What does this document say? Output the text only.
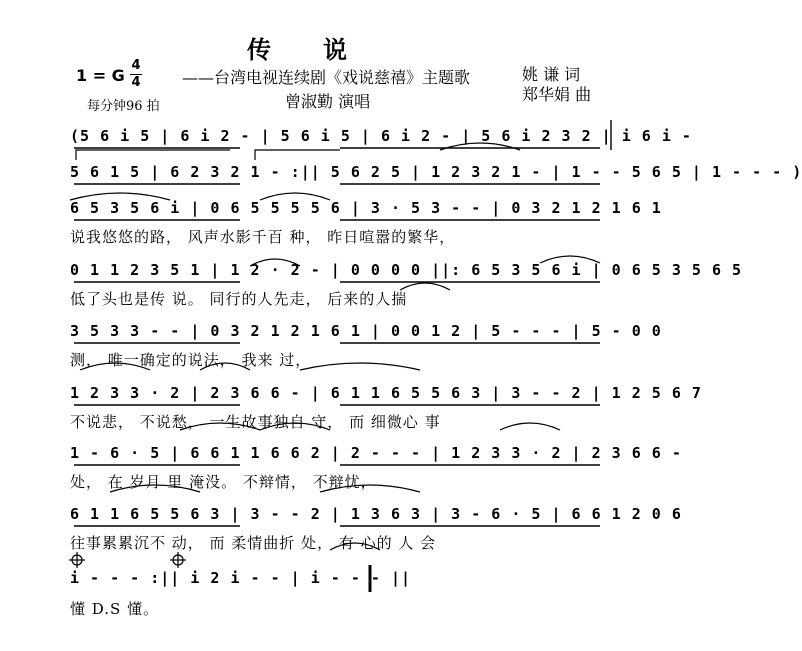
传说
1 = G
4
4
每分钟96 拍
——台湾电视连续剧《戏说慈禧》主题歌
曾淑勤 演唱
姚 谦 词
郑华娟 曲
(5 6 i 5 | 6 i 2 - | 5 6 i 5 | 6 i 2 - | 5 6 i 2 3 2 | i 6 i -
5 6 1 5 | 6 2 3 2 1 - :|| 5 6 2 5 | 1 2 3 2 1 - | 1 - - 5 6 5 | 1 - - - )
6 5 3 5 6 i | 0 6 5 5 5 5 6 | 3 · 5 3 - - | 0 3 2 1 2 1 6 1
说我悠悠的路， 风声水影千百 种， 昨日喧嚣的繁华，
0 1 1 2 3 5 1 | 1 2 · 2 - | 0 0 0 0 ||: 6 5 3 5 6 i | 0 6 5 3 5 6 5
低了头也是传 说。 同行的人先走， 后来的人揣
3 5 3 3 - - | 0 3 2 1 2 1 6 1 | 0 0 1 2 | 5 - - - | 5 - 0 0
测， 唯一确定的说法， 我来 过，
1 2 3 3 · 2 | 2 3 6 6 - | 6 1 1 6 5 5 6 3 | 3 - - 2 | 1 2 5 6 7
不说悲， 不说愁， 一生故事独自 守， 而 细微心 事
1 - 6 · 5 | 6 6 1 1 6 6 2 | 2 - - - | 1 2 3 3 · 2 | 2 3 6 6 -
处， 在 岁月 里 淹没。 不辩情， 不辩忧，
6 1 1 6 5 5 6 3 | 3 - - 2 | 1 3 6 3 | 3 - 6 · 5 | 6 6 1 2 0 6
往事累累沉不 动， 而 柔情曲折 处， 有 心的 人 会
i - - - :|| i 2 i - - | i - - - ||
懂 D.S 懂。
